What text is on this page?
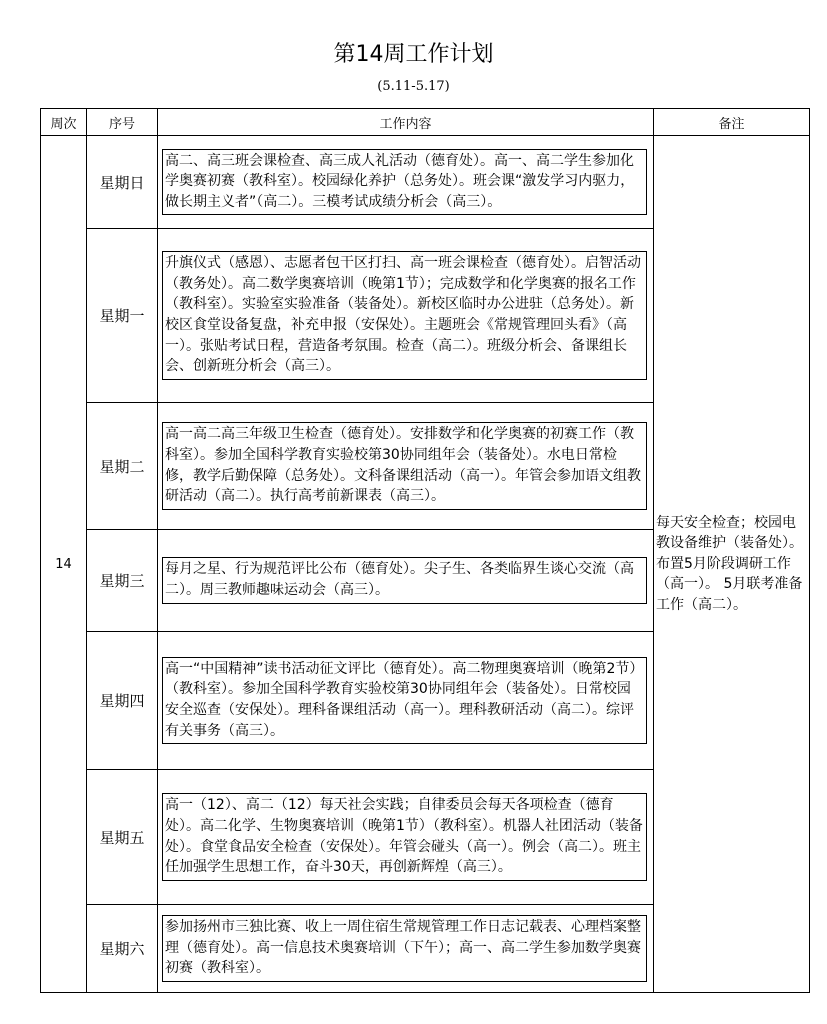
第14周工作计划
(5.11-5.17)
周次	序号	工作内容	备注
14	星期日	高二、高三班会课检查、高三成人礼活动（德育处）。高一、高二学生参加化学奥赛初赛（教科室）。校园绿化养护（总务处）。班会课“激发学习内驱力，做长期主义者”（高二）。三模考试成绩分析会（高三）。	每天安全检查；校园电教设备维护（装备处）。布置5月阶段调研工作（高一）。 5月联考准备工作（高二）。
	星期一	升旗仪式（感恩）、志愿者包干区打扫、高一班会课检查（德育处）。启智活动（教务处）。高二数学奥赛培训（晚第1节）；完成数学和化学奥赛的报名工作（教科室）。实验室实验准备（装备处）。新校区临时办公进驻（总务处）。新校区食堂设备复盘，补充申报（安保处）。主题班会《常规管理回头看》（高一）。张贴考试日程，营造备考氛围。检查（高二）。班级分析会、备课组长会、创新班分析会（高三）。	

	星期二	高一高二高三年级卫生检查（德育处）。安排数学和化学奥赛的初赛工作（教科室）。参加全国科学教育实验校第30协同组年会（装备处）。水电日常检修，教学后勤保障（总务处）。文科备课组活动（高一）。年管会参加语文组教研活动（高二）。执行高考前新课表（高三）。	

	星期三	每月之星、行为规范评比公布（德育处）。尖子生、各类临界生谈心交流（高二）。周三教师趣味运动会（高三）。	

	星期四	高一“中国精神”读书活动征文评比（德育处）。高二物理奥赛培训（晚第2节）（教科室）。参加全国科学教育实验校第30协同组年会（装备处）。日常校园安全巡查（安保处）。理科备课组活动（高一）。理科教研活动（高二）。综评有关事务（高三）。	

	星期五	高一（12）、高二（12）每天社会实践；自律委员会每天各项检查（德育处）。高二化学、生物奥赛培训（晚第1节）（教科室）。机器人社团活动（装备处）。食堂食品安全检查（安保处）。年管会碰头（高一）。例会（高二）。班主任加强学生思想工作，奋斗30天，再创新辉煌（高三）。	

	星期六	参加扬州市三独比赛、收上一周住宿生常规管理工作日志记载表、心理档案整理（德育处）。高一信息技术奥赛培训（下午）；高一、高二学生参加数学奥赛初赛（教科室）。	
